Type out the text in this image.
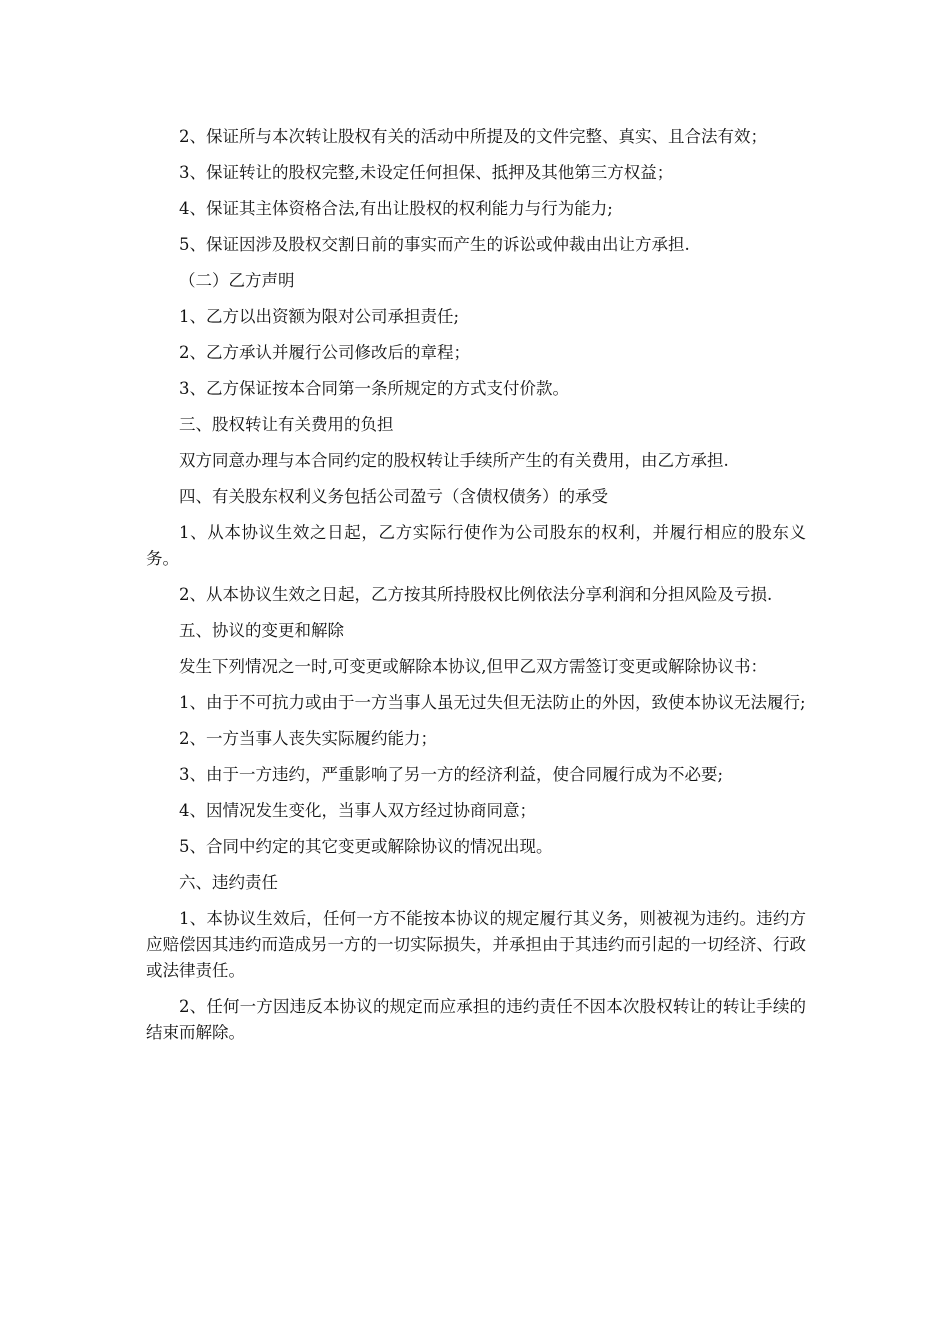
2、保证所与本次转让股权有关的活动中所提及的文件完整、真实、且合法有效；

3、保证转让的股权完整,未设定任何担保、抵押及其他第三方权益；

4、保证其主体资格合法,有出让股权的权利能力与行为能力;

5、保证因涉及股权交割日前的事实而产生的诉讼或仲裁由出让方承担.

（二）乙方声明

1、乙方以出资额为限对公司承担责任;

2、乙方承认并履行公司修改后的章程；

3、乙方保证按本合同第一条所规定的方式支付价款。

三、股权转让有关费用的负担

双方同意办理与本合同约定的股权转让手续所产生的有关费用，由乙方承担.

四、有关股东权利义务包括公司盈亏（含债权债务）的承受

1、从本协议生效之日起，乙方实际行使作为公司股东的权利，并履行相应的股东义务。

2、从本协议生效之日起，乙方按其所持股权比例依法分享利润和分担风险及亏损.

五、协议的变更和解除

发生下列情况之一时,可变更或解除本协议,但甲乙双方需签订变更或解除协议书：

1、由于不可抗力或由于一方当事人虽无过失但无法防止的外因，致使本协议无法履行;

2、一方当事人丧失实际履约能力；

3、由于一方违约，严重影响了另一方的经济利益，使合同履行成为不必要;

4、因情况发生变化，当事人双方经过协商同意；

5、合同中约定的其它变更或解除协议的情况出现。

六、违约责任

1、本协议生效后，任何一方不能按本协议的规定履行其义务，则被视为违约。违约方应赔偿因其违约而造成另一方的一切实际损失，并承担由于其违约而引起的一切经济、行政或法律责任。

2、任何一方因违反本协议的规定而应承担的违约责任不因本次股权转让的转让手续的结束而解除。
